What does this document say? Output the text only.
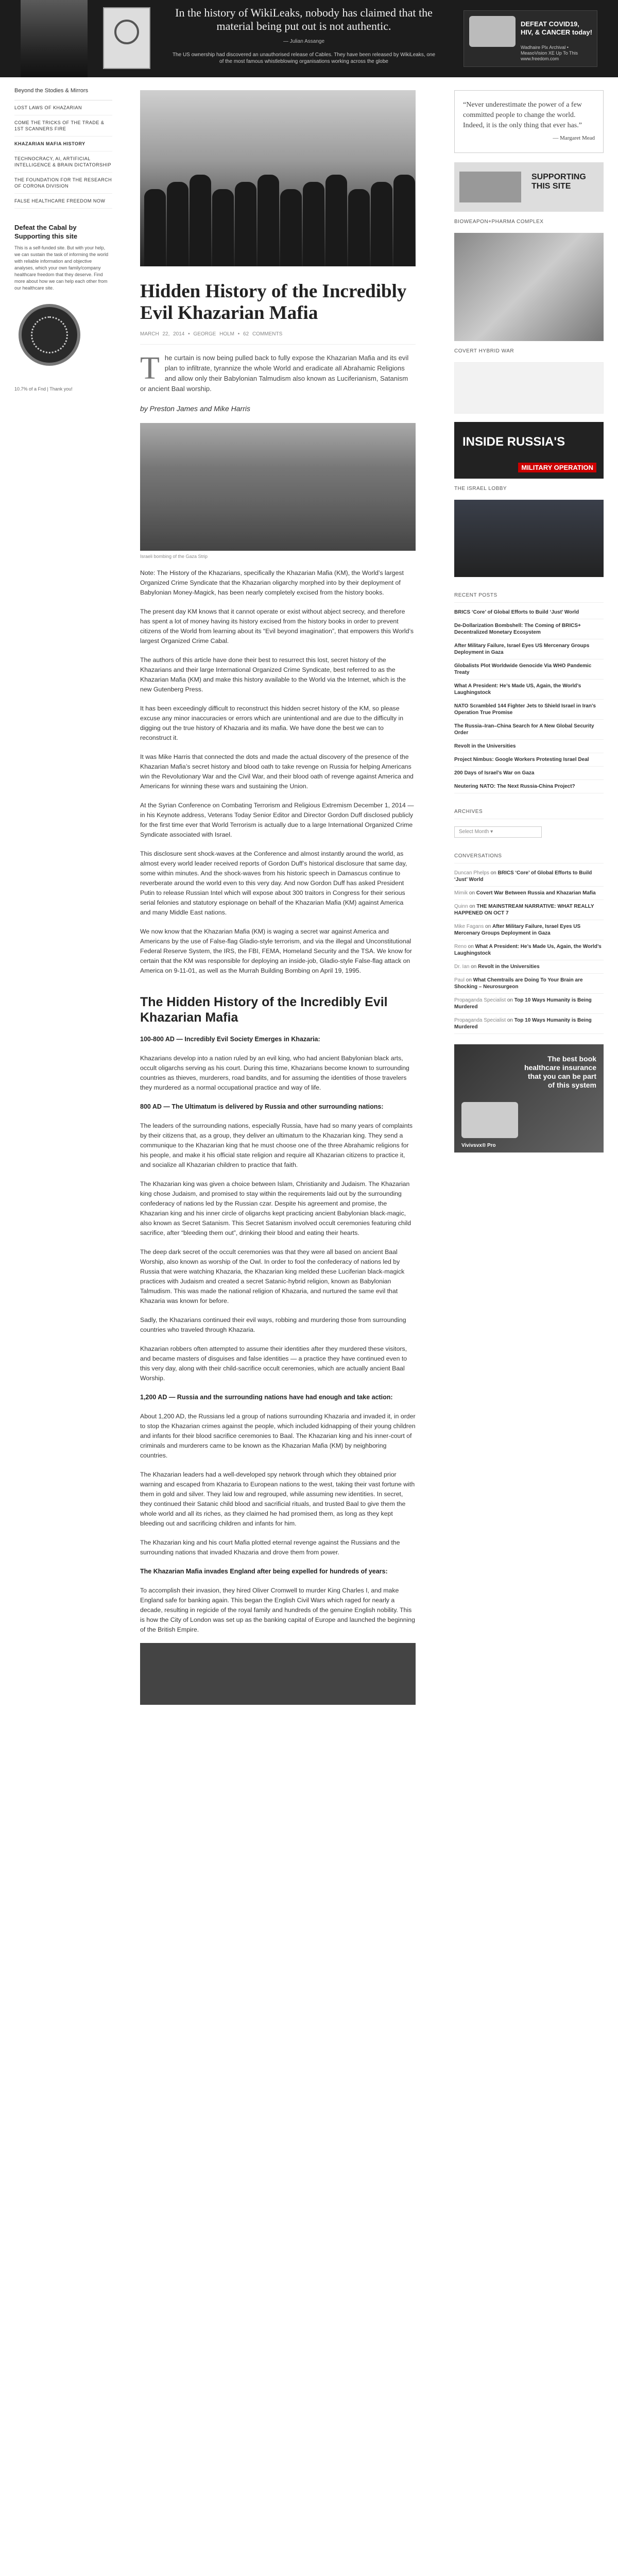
In the history of WikiLeaks, nobody has claimed that the material being put out is not authentic.
— Julian Assange
The US ownership had discovered an unauthorised release of Cables. They have been released by WikiLeaks, one of the most famous whistleblowing organisations working across the globe
DEFEAT COVID19, HIV, & CANCER today!
Wadhaire Plx Archival • MeasoVision XE Up To This
www.freedom.com
Beyond the Stodies & Mirrors
LOST LAWS OF KHAZARIAN
COME THE TRICKS OF THE TRADE & 1ST SCANNERS FIRE
KHAZARIAN MAFIA HISTORY
TECHNOCRACY, AI, ARTIFICIAL INTELLIGENCE & BRAIN DICTATORSHIP
THE FOUNDATION FOR THE RESEARCH OF CORONA DIVISION
FALSE HEALTHCARE FREEDOM NOW
Defeat the Cabal by Supporting this site
This is a self-funded site. But with your help, we can sustain the task of informing the world with reliable information and objective analyses, which your own family/company healthcare freedom that they deserve. Find more about how we can help each other from our healthcare site.
10.7% of a Fnd | Thank you!
Hidden History of the Incredibly Evil Khazarian Mafia
MARCH 22, 2014 • GEORGE HOLM • 62 COMMENTS
The curtain is now being pulled back to fully expose the Khazarian Mafia and its evil plan to infiltrate, tyrannize the whole World and eradicate all Abrahamic Religions and allow only their Babylonian Talmudism also known as Luciferianism, Satanism or ancient Baal worship.
by Preston James and Mike Harris
Israeli bombing of the Gaza Strip

Note: The History of the Khazarians, specifically the Khazarian Mafia (KM), the World’s largest Organized Crime Syndicate that the Khazarian oligarchy morphed into by their deployment of Babylonian Money-Magick, has been nearly completely excised from the history books.

The present day KM knows that it cannot operate or exist without abject secrecy, and therefore has spent a lot of money having its history excised from the history books in order to prevent citizens of the World from learning about its “Evil beyond imagination”, that empowers this World’s largest Organized Crime Cabal.

The authors of this article have done their best to resurrect this lost, secret history of the Khazarians and their large International Organized Crime Syndicate, best referred to as the Khazarian Mafia (KM) and make this history available to the World via the Internet, which is the new Gutenberg Press.

It has been exceedingly difficult to reconstruct this hidden secret history of the KM, so please excuse any minor inaccuracies or errors which are unintentional and are due to the difficulty in digging out the true history of Khazaria and its mafia. We have done the best we can to reconstruct it.

It was Mike Harris that connected the dots and made the actual discovery of the presence of the Khazarian Mafia’s secret history and blood oath to take revenge on Russia for helping Americans win the Revolutionary War and the Civil War, and their blood oath of revenge against America and Americans for winning these wars and sustaining the Union.

At the Syrian Conference on Combating Terrorism and Religious Extremism December 1, 2014 — in his Keynote address, Veterans Today Senior Editor and Director Gordon Duff disclosed publicly for the first time ever that World Terrorism is actually due to a large International Organized Crime Syndicate associated with Israel.

This disclosure sent shock-waves at the Conference and almost instantly around the world, as almost every world leader received reports of Gordon Duff’s historical disclosure that same day, some within minutes. And the shock-waves from his historic speech in Damascus continue to reverberate around the world even to this very day. And now Gordon Duff has asked President Putin to release Russian Intel which will expose about 300 traitors in Congress for their serious serial felonies and statutory espionage on behalf of the Khazarian Mafia (KM) against America and many Middle East nations.

We now know that the Khazarian Mafia (KM) is waging a secret war against America and Americans by the use of False-flag Gladio-style terrorism, and via the illegal and Unconstitutional Federal Reserve System, the IRS, the FBI, FEMA, Homeland Security and the TSA. We know for certain that the KM was responsible for deploying an inside-job, Gladio-style False-flag attack on America on 9-11-01, as well as the Murrah Building Bombing on April 19, 1995.

The Hidden History of the Incredibly Evil Khazarian Mafia
100-800 AD — Incredibly Evil Society Emerges in Khazaria:

Khazarians develop into a nation ruled by an evil king, who had ancient Babylonian black arts, occult oligarchs serving as his court. During this time, Khazarians become known to surrounding countries as thieves, murderers, road bandits, and for assuming the identities of those travelers they murdered as a normal occupational practice and way of life.

800 AD — The Ultimatum is delivered by Russia and other surrounding nations:

The leaders of the surrounding nations, especially Russia, have had so many years of complaints by their citizens that, as a group, they deliver an ultimatum to the Khazarian king. They send a communique to the Khazarian king that he must choose one of the three Abrahamic religions for his people, and make it his official state religion and require all Khazarian citizens to practice it, and socialize all Khazarian children to practice that faith.

The Khazarian king was given a choice between Islam, Christianity and Judaism. The Khazarian king chose Judaism, and promised to stay within the requirements laid out by the surrounding confederacy of nations led by the Russian czar. Despite his agreement and promise, the Khazarian king and his inner circle of oligarchs kept practicing ancient Babylonian black-magic, also known as Secret Satanism. This Secret Satanism involved occult ceremonies featuring child sacrifice, after “bleeding them out”, drinking their blood and eating their hearts.

The deep dark secret of the occult ceremonies was that they were all based on ancient Baal Worship, also known as worship of the Owl. In order to fool the confederacy of nations led by Russia that were watching Khazaria, the Khazarian king melded these Luciferian black-magick practices with Judaism and created a secret Satanic-hybrid religion, known as Babylonian Talmudism. This was made the national religion of Khazaria, and nurtured the same evil that Khazaria was known for before.

Sadly, the Khazarians continued their evil ways, robbing and murdering those from surrounding countries who traveled through Khazaria.

Khazarian robbers often attempted to assume their identities after they murdered these visitors, and became masters of disguises and false identities — a practice they have continued even to this very day, along with their child-sacrifice occult ceremonies, which are actually ancient Baal Worship.

1,200 AD — Russia and the surrounding nations have had enough and take action:

About 1,200 AD, the Russians led a group of nations surrounding Khazaria and invaded it, in order to stop the Khazarian crimes against the people, which included kidnapping of their young children and infants for their blood sacrifice ceremonies to Baal. The Khazarian king and his inner-court of criminals and murderers came to be known as the Khazarian Mafia (KM) by neighboring countries.

The Khazarian leaders had a well-developed spy network through which they obtained prior warning and escaped from Khazaria to European nations to the west, taking their vast fortune with them in gold and silver. They laid low and regrouped, while assuming new identities. In secret, they continued their Satanic child blood and sacrificial rituals, and trusted Baal to give them the whole world and all its riches, as they claimed he had promised them, as long as they kept bleeding out and sacrificing children and infants for him.

The Khazarian king and his court Mafia plotted eternal revenge against the Russians and the surrounding nations that invaded Khazaria and drove them from power.

The Khazarian Mafia invades England after being expelled for hundreds of years:

To accomplish their invasion, they hired Oliver Cromwell to murder King Charles I, and make England safe for banking again. This began the English Civil Wars which raged for nearly a decade, resulting in regicide of the royal family and hundreds of the genuine English nobility. This is how the City of London was set up as the banking capital of Europe and launched the beginning of the British Empire.

“Never underestimate the power of a few committed people to change the world. Indeed, it is the only thing that ever has.”
— Margaret Mead
SUPPORTING THIS SITE
BIOWEAPON+PHARMA COMPLEX
COVERT HYBRID WAR
INSIDE RUSSIA'S
MILITARY OPERATION
THE ISRAEL LOBBY
RECENT POSTS
BRICS ‘Core’ of Global Efforts to Build ‘Just’ World
De-Dollarization Bombshell: The Coming of BRICS+ Decentralized Monetary Ecosystem
After Military Failure, Israel Eyes US Mercenary Groups Deployment in Gaza
Globalists Plot Worldwide Genocide Via WHO Pandemic Treaty
What A President: He’s Made US, Again, the World’s Laughingstock
NATO Scrambled 144 Fighter Jets to Shield Israel in Iran’s Operation True Promise
The Russia–Iran–China Search for A New Global Security Order
Revolt in the Universities
Project Nimbus: Google Workers Protesting Israel Deal
200 Days of Israel’s War on Gaza
Neutering NATO: The Next Russia-China Project?
ARCHIVES
Select Month ▾
CONVERSATIONS
Duncan Phelps on BRICS ‘Core’ of Global Efforts to Build ‘Just’ World
Mimik on Covert War Between Russia and Khazarian Mafia
Quinn on THE MAINSTREAM NARRATIVE: WHAT REALLY HAPPENED ON OCT 7
Mike Fagans on After Military Failure, Israel Eyes US Mercenary Groups Deployment in Gaza
Reno on What A President: He’s Made Us, Again, the World’s Laughingstock
Dr. Ian on Revolt in the Universities
Paul on What Chemtrails are Doing To Your Brain are Shocking – Neurosurgeon
Propaganda Specialist on Top 10 Ways Humanity is Being Murdered
Propaganda Specialist on Top 10 Ways Humanity is Being Murdered
The best book healthcare insurance that you can be part of this system
Vivivsvx® Pro
